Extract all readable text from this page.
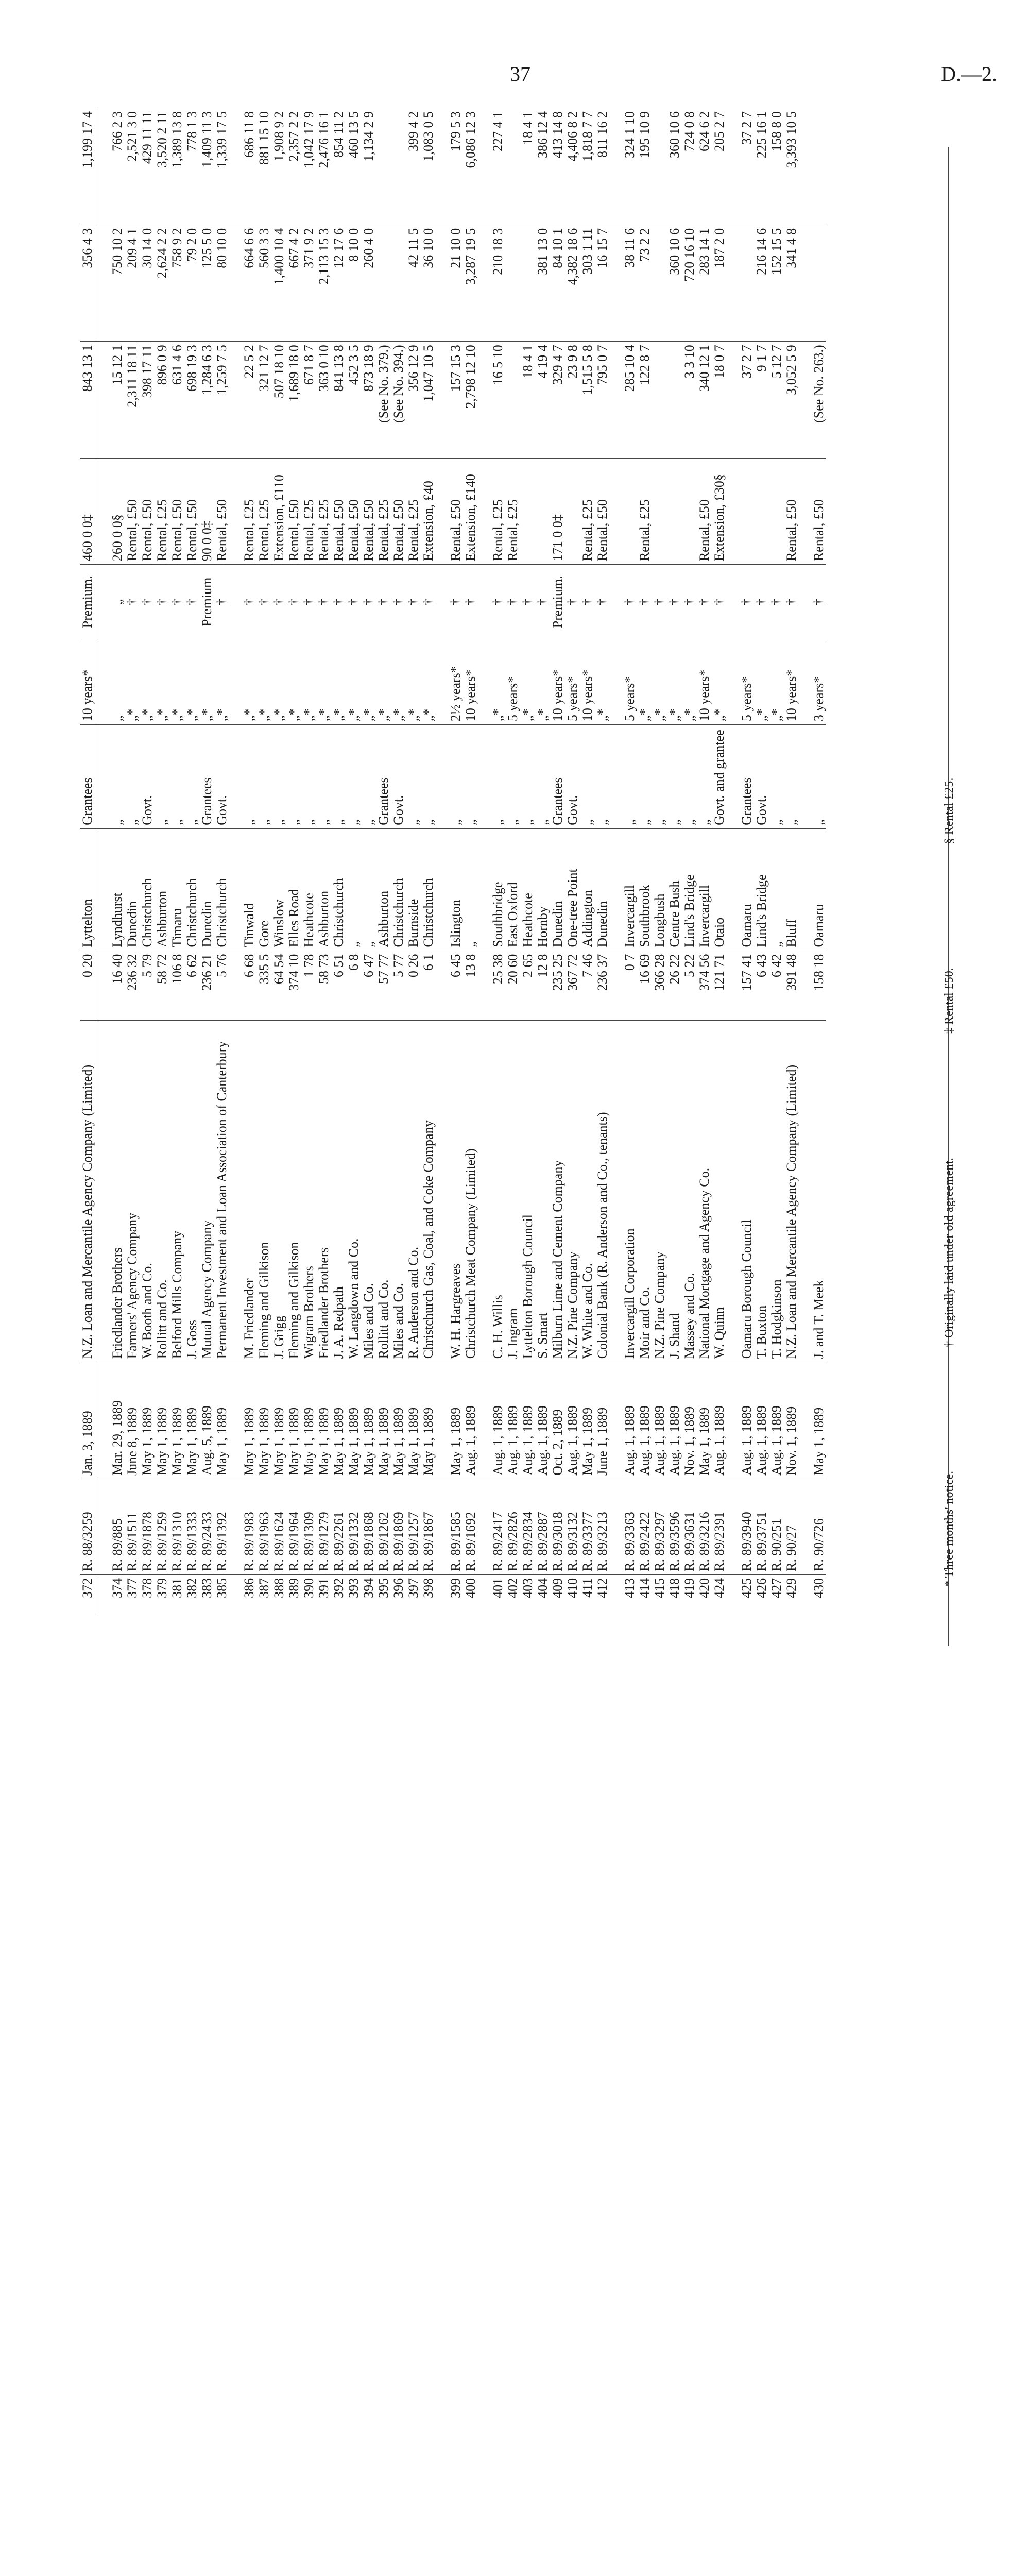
37	D.—2.
372	R. 88/3259	Jan. 3, 1889	N.Z. Loan and Mercantile Agency Company (Limited)	0 20	Lyttelton	Grantees	10 years*	Premium.	460 0 0‡	843 13 1	356 4 3	1,199 17 4

374	R. 89/885	Mar. 29, 1889	Friedlander Brothers	16 40	Lyndhurst	„	„	„	260 0 0§	15 12 1	750 10 2	766 2 3
377	R. 89/1511	June 8, 1889	Farmers' Agency Company	236 32	Dunedin	„	„*	†	Rental, £50	2,311 18 11	209 4 1	2,521 3 0
378	R. 89/1878	May 1, 1889	W. Booth and Co.	5 79	Christchurch	Govt.	„*	†	Rental, £50	398 17 11	30 14 0	429 11 11
379	R. 89/1259	May 1, 1889	Rollitt and Co.	58 72	Ashburton	„	„*	†	Rental, £25	896 0 9	2,624 2 2	3,520 2 11
381	R. 89/1310	May 1, 1889	Belford Mills Company	106 8	Timaru	„	„*	†	Rental, £50	631 4 6	758 9 2	1,389 13 8
382	R. 89/1333	May 1, 1889	J. Goss	6 62	Christchurch	„	„*	†	Rental, £50	698 19 3	79 2 0	778 1 3
383	R. 89/2433	Aug. 5, 1889	Mutual Agency Company	236 21	Dunedin	Grantees	„*	Premium	90 0 0‡	1,284 6 3	125 5 0	1,409 11 3
385	R. 89/1392	May 1, 1889	Permanent Investment and Loan Association of Canterbury	5 76	Christchurch	Govt.	„*	†	Rental, £50	1,259 7 5	80 10 0	1,339 17 5

386	R. 89/1983	May 1, 1889	M. Friedlander	6 68	Tinwald	„	„*	†	Rental, £25	22 5 2	664 6 6	686 11 8
387	R. 89/1963	May 1, 1889	Fleming and Gilkison	335 5	Gore	„	„*	†	Rental, £25	321 12 7	560 3 3	881 15 10
388	R. 89/1624	May 1, 1889	J. Grigg	64 54	Winslow	„	„*	†	Extension, £110	507 18 10	1,400 10 4	1,908 9 2
389	R. 89/1964	May 1, 1889	Fleming and Gilkison	374 10	Elles Road	„	„*	†	Rental, £50	1,689 18 0	667 4 2	2,357 2 2
390	R. 89/1309	May 1, 1889	Wigram Brothers	1 78	Heathcote	„	„*	†	Rental, £25	671 8 7	371 9 2	1,042 17 9
391	R. 89/1279	May 1, 1889	Friedlander Brothers	58 73	Ashburton	„	„*	†	Rental, £25	363 0 10	2,113 15 3	2,476 16 1
392	R. 89/2261	May 1, 1889	J. A. Redpath	6 51	Christchurch	„	„*	†	Rental, £50	841 13 8	12 17 6	854 11 2
393	R. 89/1332	May 1, 1889	W. Langdown and Co.	6 8	„	„	„*	†	Rental, £50	452 3 5	8 10 0	460 13 5
394	R. 89/1868	May 1, 1889	Miles and Co.	6 47	„	„	„*	†	Rental, £50	873 18 9	260 4 0	1,134 2 9
395	R. 89/1262	May 1, 1889	Rollitt and Co.	57 77	Ashburton	Grantees	„*	†	Rental, £25	(See No. 379.)		
396	R. 89/1869	May 1, 1889	Miles and Co.	5 77	Christchurch	Govt.	„*	†	Rental, £50	(See No. 394.)		
397	R. 89/1257	May 1, 1889	R. Anderson and Co.	0 26	Burnside	„	„*	†	Rental, £25	356 12 9	42 11 5	399 4 2
398	R. 89/1867	May 1, 1889	Christchurch Gas, Coal, and Coke Company	6 1	Christchurch	„	„*	†	Extension, £40	1,047 10 5	36 10 0	1,083 0 5

399	R. 89/1585	May 1, 1889	W. H. Hargreaves	6 45	Islington	„	2½ years*	†	Rental, £50	157 15 3	21 10 0	179 5 3
400	R. 89/1692	Aug. 1, 1889	Christchurch Meat Company (Limited)	13 8	„	„	10 years*	†	Extension, £140	2,798 12 10	3,287 19 5	6,086 12 3

401	R. 89/2417	Aug. 1, 1889	C. H. Willis	25 38	Southbridge	„	„*	†	Rental, £25	16 5 10	210 18 3	227 4 1
402	R. 89/2826	Aug. 1, 1889	J. Ingram	20 60	East Oxford	„	5 years*	†	Rental, £25			
403	R. 89/2834	Aug. 1, 1889	Lyttelton Borough Council	2 65	Heathcote	„	„*	†		18 4 1		18 4 1
404	R. 89/2887	Aug. 1, 1889	S. Smart	12 8	Hornby	„	„*	†		4 19 4	381 13 0	386 12 4
409	R. 89/3018	Oct. 2, 1889	Milburn Lime and Cement Company	235 25	Dunedin	Grantees	10 years*	Premium.	171 0 0‡	329 4 7	84 10 1	413 14 8
410	R. 89/3132	Aug. 1, 1889	N.Z. Pine Company	367 72	One-tree Point	Govt.	5 years*	†		23 9 8	4,382 18 6	4,406 8 2
411	R. 89/3377	May 1, 1889	W. White and Co.	7 46	Addington	„	10 years*	†	Rental, £25	1,515 5 8	303 1 11	1,818 7 7
412	R. 89/3213	June 1, 1889	Colonial Bank (R. Anderson and Co., tenants)	236 37	Dunedin	„	„*	†	Rental, £50	795 0 7	16 15 7	811 16 2

413	R. 89/3363	Aug. 1, 1889	Invercargill Corporation	0 7	Invercargill	„	5 years*	†		285 10 4	38 11 6	324 1 10
414	R. 89/2422	Aug. 1, 1889	Moir and Co.	16 69	Southbrook	„	„*	†	Rental, £25	122 8 7	73 2 2	195 10 9
415	R. 89/3297	Aug. 1, 1889	N.Z. Pine Company	366 28	Longbush	„	„*	†				
418	R. 89/3596	Aug. 1, 1889	J. Shand	26 22	Centre Bush	„	„*	†			360 10 6	360 10 6
419	R. 89/3631	Nov. 1, 1889	Massey and Co.	5 22	Lind's Bridge	„	„*	†		3 3 10	720 16 10	724 0 8
420	R. 89/3216	May 1, 1889	National Mortgage and Agency Co.	374 56	Invercargill	„	10 years*	†	Rental, £50	340 12 1	283 14 1	624 6 2
424	R. 89/2391	Aug. 1, 1889	W. Quinn	121 71	Otaio	Govt. and grantee	„*	†	Extension, £30§	18 0 7	187 2 0	205 2 7

425	R. 89/3940	Aug. 1, 1889	Oamaru Borough Council	157 41	Oamaru	Grantees	5 years*	†		37 2 7		37 2 7
426	R. 89/3751	Aug. 1, 1889	T. Buxton	6 43	Lind's Bridge	Govt.	„*	†		9 1 7	216 14 6	225 16 1
427	R. 90/251	Aug. 1, 1889	T. Hodgkinson	6 42	„	„	„*	†		5 12 7	152 15 5	158 8 0
429	R. 90/27	Nov. 1, 1889	N.Z. Loan and Mercantile Agency Company (Limited)	391 48	Bluff	„	10 years*	†	Rental, £50	3,052 5 9	341 4 8	3,393 10 5

430	R. 90/726	May 1, 1889	J. and T. Meek	158 18	Oamaru	„	3 years*	†	Rental, £50	(See No. 263.)		
* Three months' notice.
† Originally laid under old agreement.
‡ Rental £50.
§ Rental £25.
